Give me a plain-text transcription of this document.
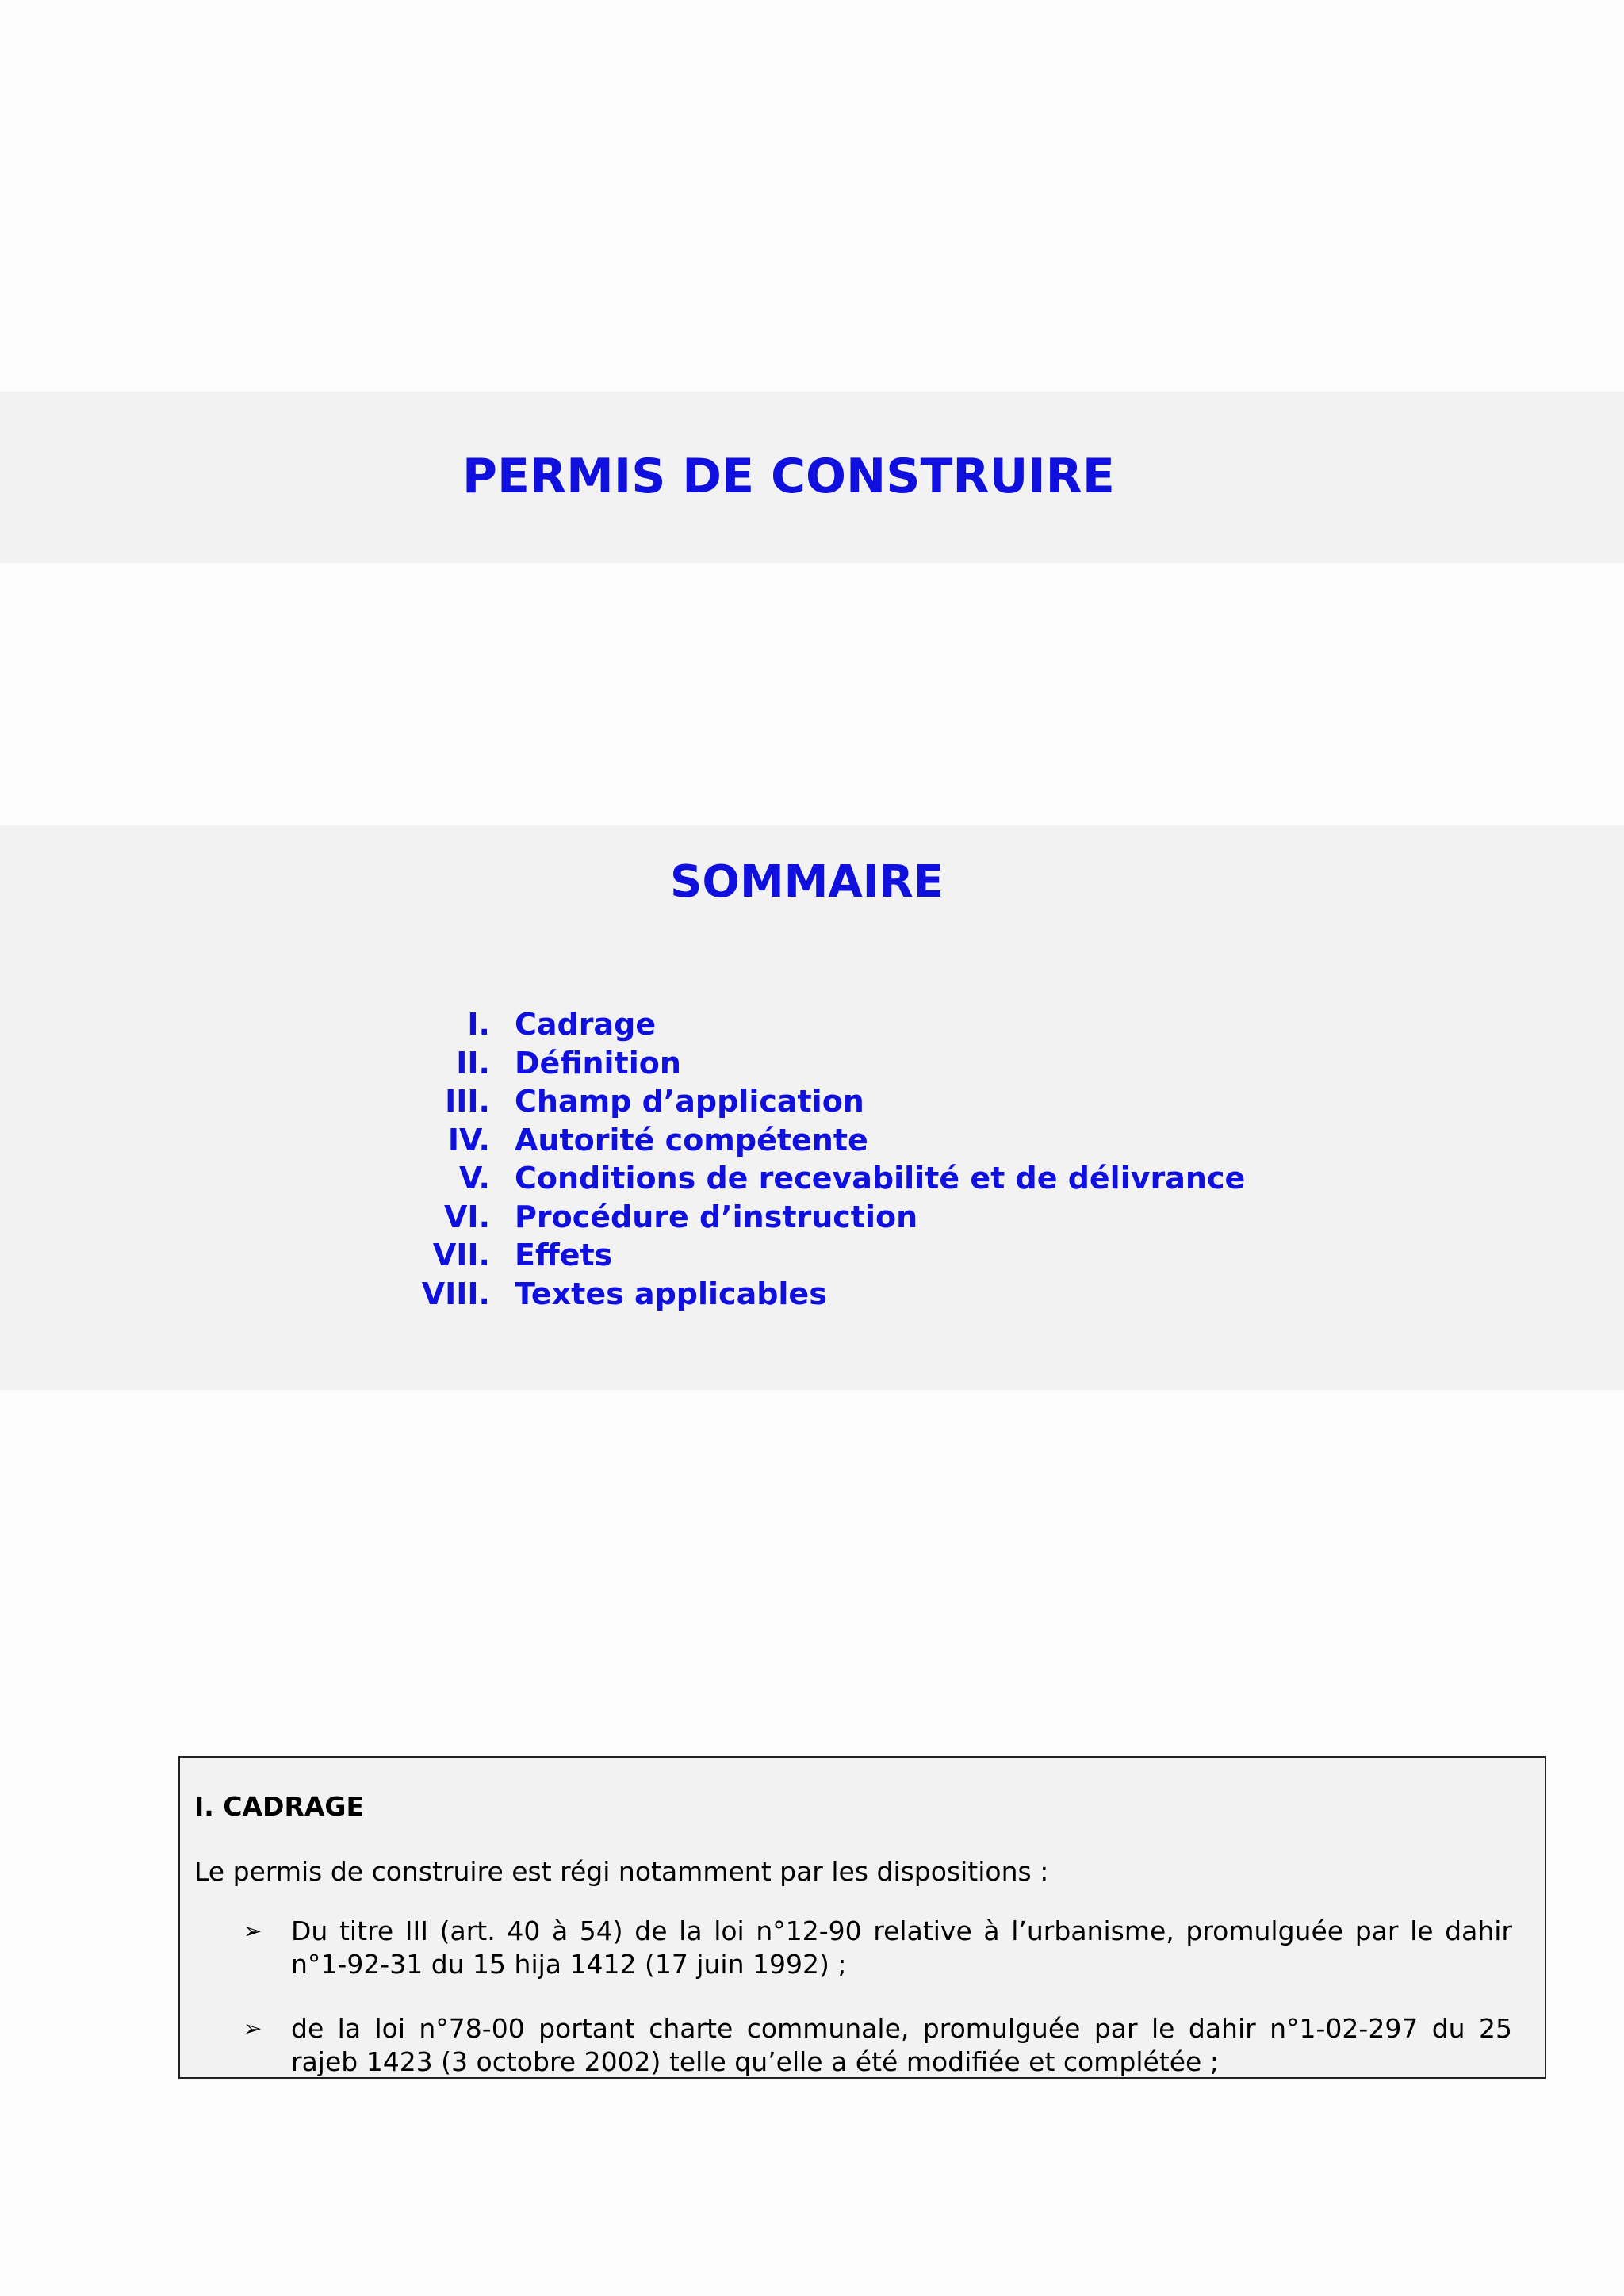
PERMIS DE CONSTRUIRE
SOMMAIRE
I. Cadrage
II. Définition
III. Champ d’application
IV. Autorité compétente
V. Conditions de recevabilité et de délivrance
VI. Procédure d’instruction
VII. Effets
VIII. Textes applicables
I. CADRAGE

Le permis de construire est régi notamment par les dispositions :

➢	Du titre III (art. 40 à 54) de la loi n°12-90 relative à l’urbanisme, promulguée par le dahir n°1-92-31 du 15 hija 1412 (17 juin 1992) ;

➢	de la loi n°78-00 portant charte communale, promulguée par le dahir n°1-02-297 du 25 rajeb 1423 (3 octobre 2002) telle qu’elle a été modifiée et complétée ;
